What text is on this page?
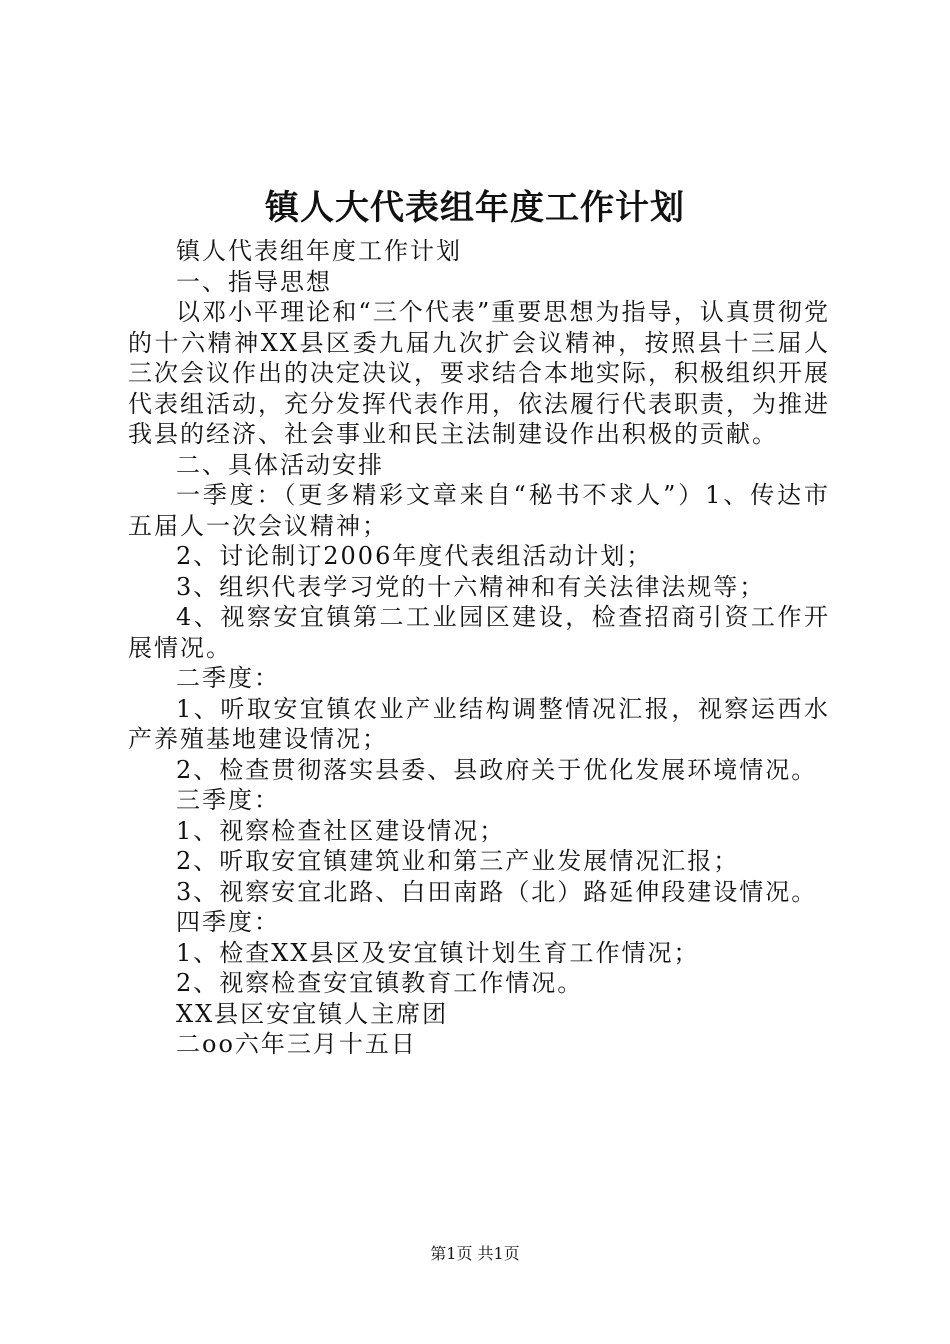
镇人大代表组年度工作计划

镇人代表组年度工作计划

一、指导思想

以邓小平理论和“三个代表”重要思想为指导，认真贯彻党的十六精神XX县区委九届九次扩会议精神，按照县十三届人三次会议作出的决定决议，要求结合本地实际，积极组织开展代表组活动，充分发挥代表作用，依法履行代表职责，为推进我县的经济、社会事业和民主法制建设作出积极的贡献。

二、具体活动安排

一季度：（更多精彩文章来自“秘书不求人”）1、传达市五届人一次会议精神；

2、讨论制订2006年度代表组活动计划；

3、组织代表学习党的十六精神和有关法律法规等；

4、视察安宜镇第二工业园区建设，检查招商引资工作开展情况。

二季度：

1、听取安宜镇农业产业结构调整情况汇报，视察运西水产养殖基地建设情况；

2、检查贯彻落实县委、县政府关于优化发展环境情况。

三季度：

1、视察检查社区建设情况；

2、听取安宜镇建筑业和第三产业发展情况汇报；

3、视察安宜北路、白田南路（北）路延伸段建设情况。

四季度：

1、检查XX县区及安宜镇计划生育工作情况；

2、视察检查安宜镇教育工作情况。

XX县区安宜镇人主席团

二oo六年三月十五日

第1页 共1页
